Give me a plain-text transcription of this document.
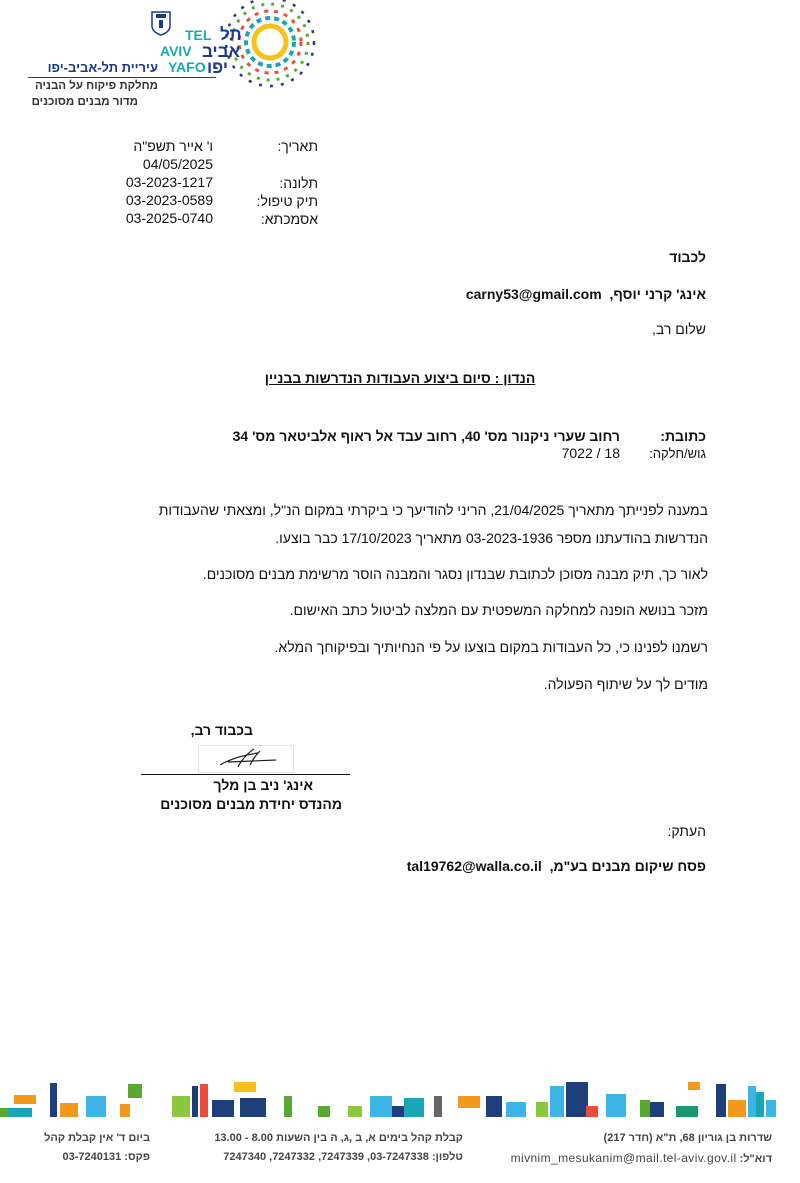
תל
TEL
אביב
AVIV
יפו
YAFO
עיריית תל-אביב-יפו
מחלקת פיקוח על הבניה
מדור מבנים מסוכנים
תאריך:
ו' אייר תשפ"ה
04/05/2025
תלונה:
03-2023-1217
תיק טיפול:
03-2023-0589
אסמכתא:
03-2025-0740
לכבוד
אינג' קרני יוסף,  carny53@gmail.com
שלום רב,
הנדון : סיום ביצוע העבודות הנדרשות בבניין
כתובת:
רחוב שערי ניקנור מס' 40, רחוב עבד אל ראוף אלביטאר מס' 34
גוש/חלקה:
7022 / 18
במענה לפנייתך מתאריך 21/04/2025, הריני להודיעך כי ביקרתי במקום הנ"ל, ומצאתי שהעבודות
הנדרשות בהודעתנו מספר 03-2023-1936 מתאריך 17/10/2023 כבר בוצעו.
לאור כך, תיק מבנה מסוכן לכתובת שבנדון נסגר והמבנה הוסר מרשימת מבנים מסוכנים.
מזכר בנושא הופנה למחלקה המשפטית עם המלצה לביטול כתב האישום.
רשמנו לפנינו כי, כל העבודות במקום בוצעו על פי הנחיותיך ובפיקוחך המלא.
מודים לך על שיתוף הפעולה.
בכבוד רב,
אינג' ניב בן מלך
מהנדס יחידת מבנים מסוכנים
העתק:
פסח שיקום מבנים בע"מ,  tal19762@walla.co.il
שדרות בן גוריון 68, ת"א (חדר 217)
דוא"ל: mivnim_mesukanim@mail.tel-aviv.gov.il
קבלת קהל בימים א, ב ,ג, ה בין השעות 8.00 - 13.00
טלפון: 03-7247338, 7247339, 7247332, 7247340
ביום ד' אין קבלת קהל
פקס: 03-7240131
